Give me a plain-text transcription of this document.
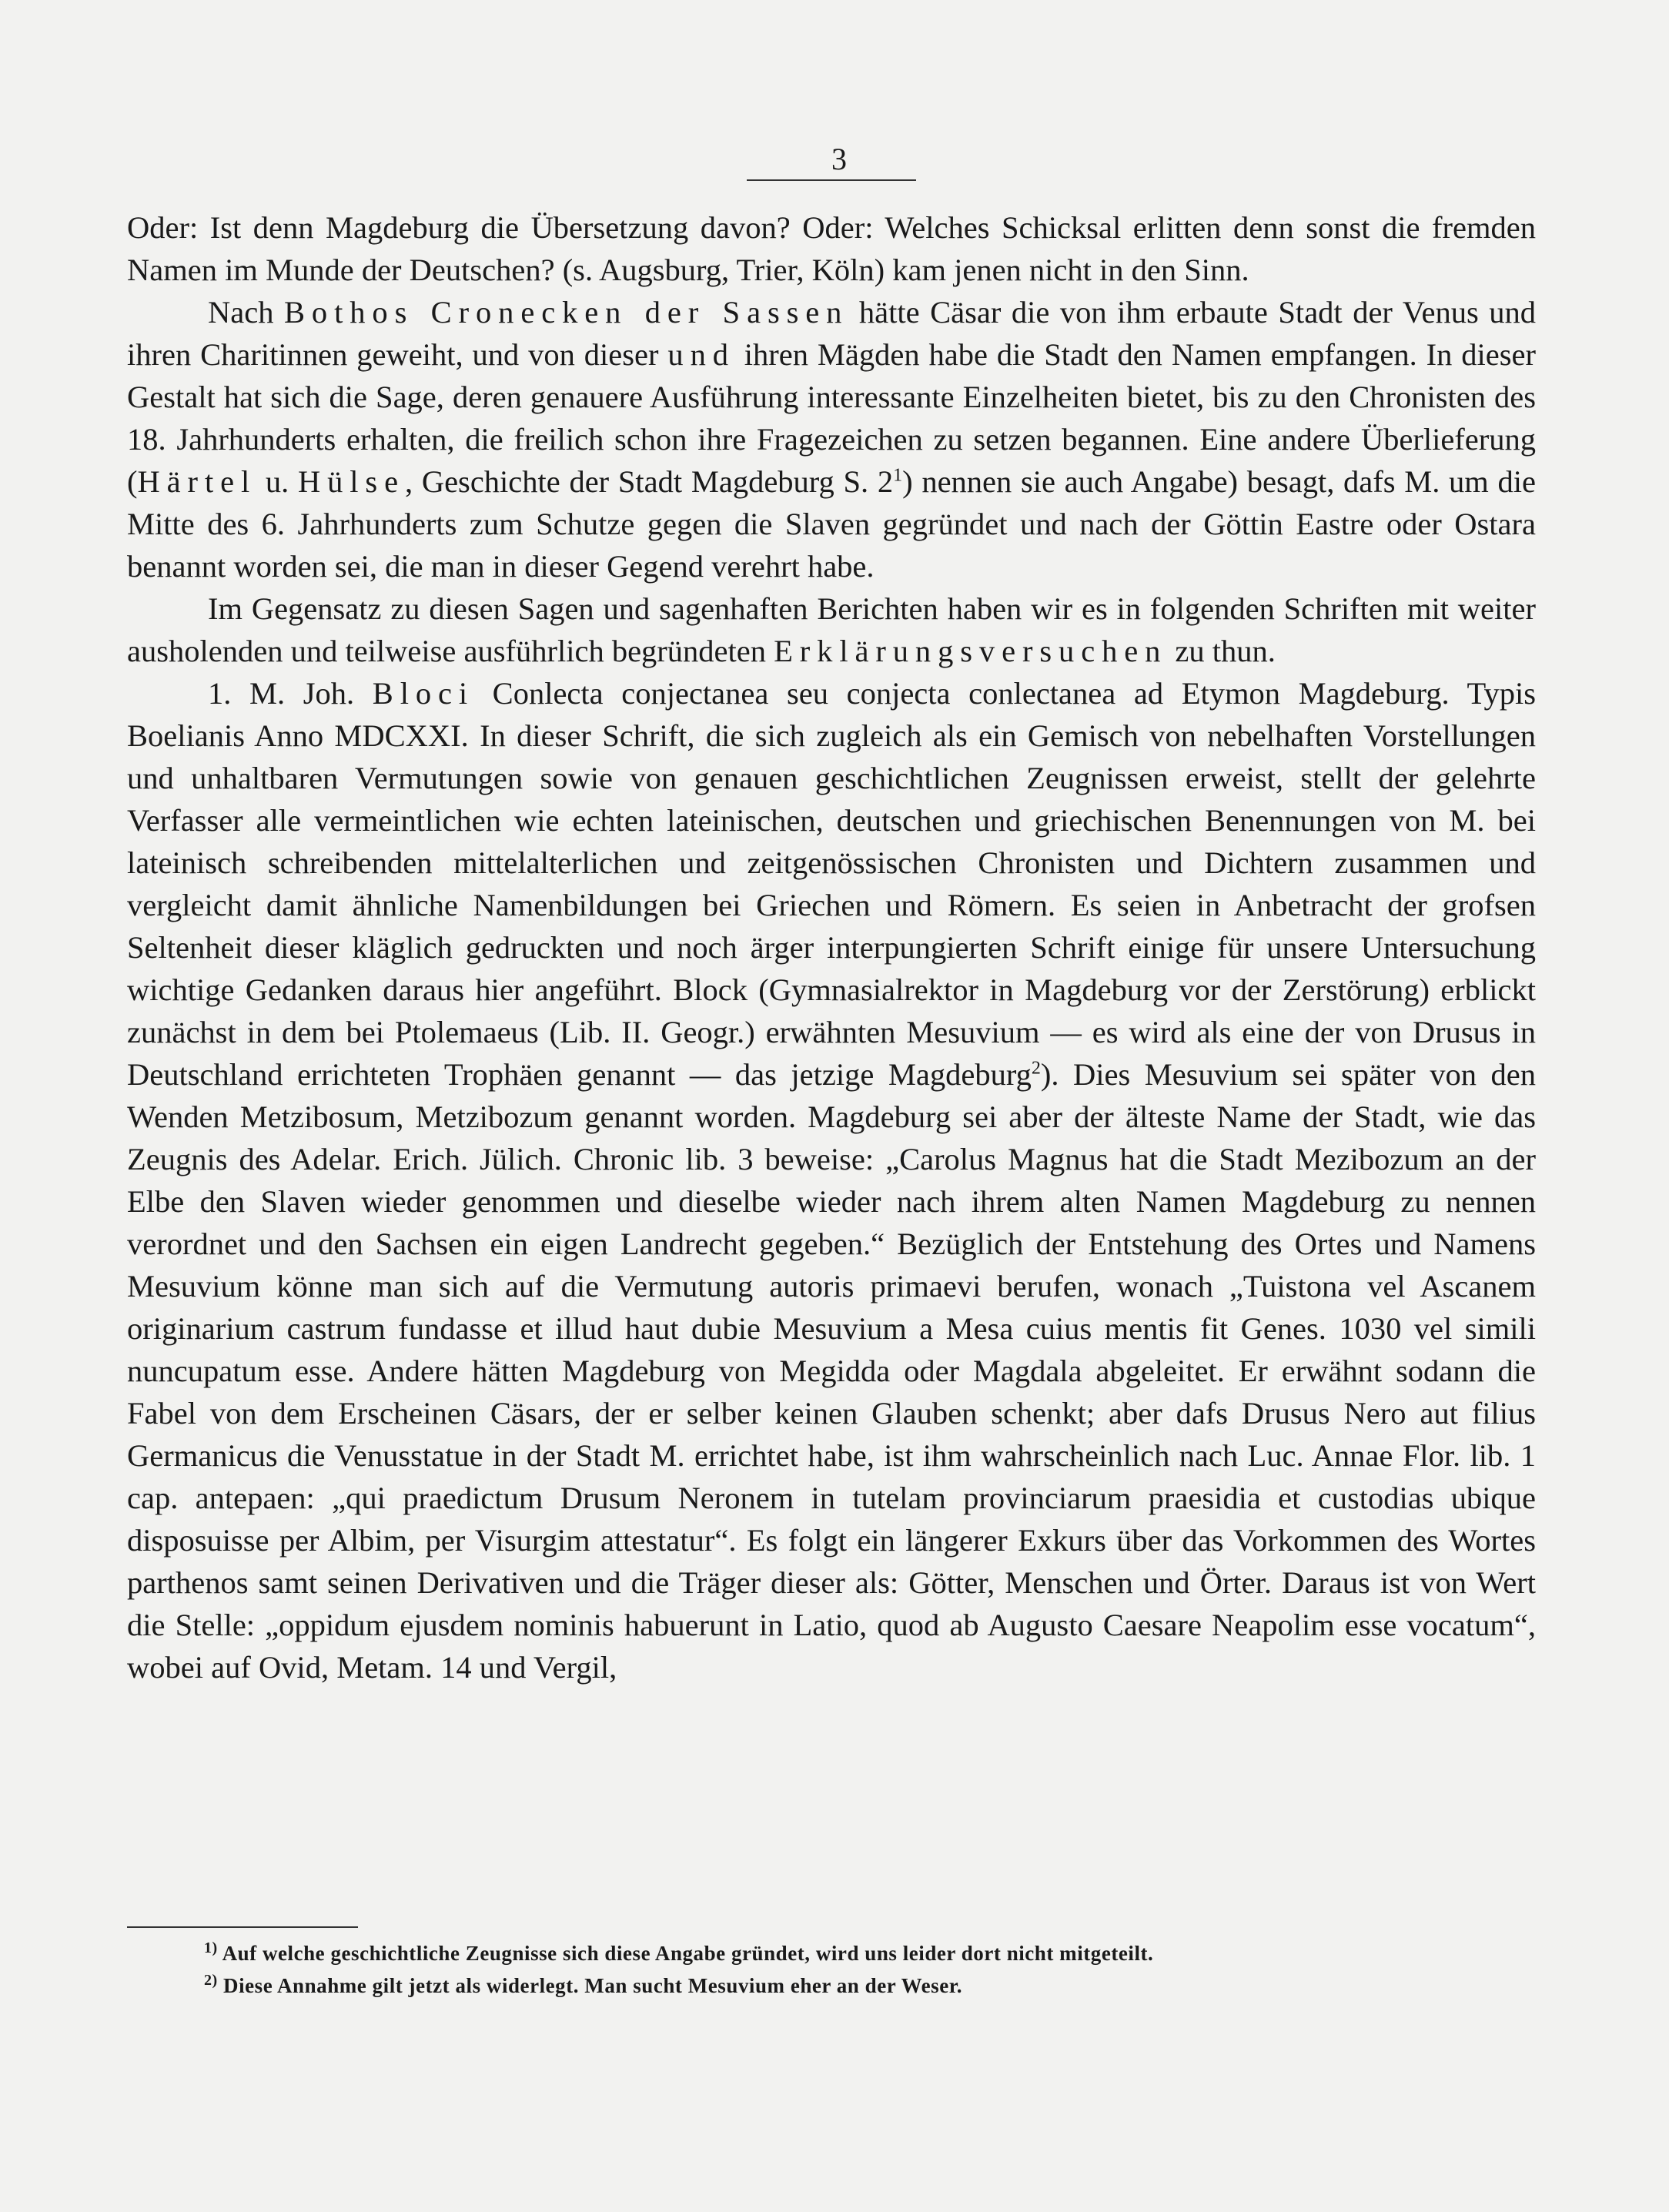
3

Oder: Ist denn Magdeburg die Übersetzung davon? Oder: Welches Schicksal erlitten denn sonst die fremden Namen im Munde der Deutschen? (s. Augsburg, Trier, Köln) kam jenen nicht in den Sinn.

Nach Bothos Cronecken der Sassen hätte Cäsar die von ihm erbaute Stadt der Venus und ihren Charitinnen geweiht, und von dieser und ihren Mägden habe die Stadt den Namen empfangen. In dieser Gestalt hat sich die Sage, deren genauere Ausführung interessante Einzelheiten bietet, bis zu den Chronisten des 18. Jahrhunderts erhalten, die freilich schon ihre Fragezeichen zu setzen begannen. Eine andere Überlieferung (Härtel u. Hülse, Geschichte der Stadt Magdeburg S. $2^1$) nennen sie auch Angabe) besagt, dafs M. um die Mitte des 6. Jahrhunderts zum Schutze gegen die Slaven gegründet und nach der Göttin Eastre oder Ostara benannt worden sei, die man in dieser Gegend verehrt habe.

Im Gegensatz zu diesen Sagen und sagenhaften Berichten haben wir es in folgenden Schriften mit weiter ausholenden und teilweise ausführlich begründeten Erklärungsversuchen zu thun.

1. M. Joh. Bloci Conlecta conjectanea seu conjecta conlectanea ad Etymon Magdeburg. Typis Boelianis Anno MDCXXI. In dieser Schrift, die sich zugleich als ein Gemisch von nebelhaften Vorstellungen und unhaltbaren Vermutungen sowie von genauen geschichtlichen Zeugnissen erweist, stellt der gelehrte Verfasser alle vermeintlichen wie echten lateinischen, deutschen und griechischen Benennungen von M. bei lateinisch schreibenden mittelalterlichen und zeitgenössischen Chronisten und Dichtern zusammen und vergleicht damit ähnliche Namenbildungen bei Griechen und Römern. Es seien in Anbetracht der grofsen Seltenheit dieser kläglich gedruckten und noch ärger interpungierten Schrift einige für unsere Untersuchung wichtige Gedanken daraus hier angeführt. Block (Gymnasialrektor in Magdeburg vor der Zerstörung) erblickt zunächst in dem bei Ptolemaeus (Lib. II. Geogr.) erwähnten Mesuvium — es wird als eine der von Drusus in Deutschland errichteten Trophäen genannt — das jetzige Magdeburg$^2$). Dies Mesuvium sei später von den Wenden Metzibosum, Metzibozum genannt worden. Magdeburg sei aber der älteste Name der Stadt, wie das Zeugnis des Adelar. Erich. Jülich. Chronic lib. 3 beweise: „Carolus Magnus hat die Stadt Mezibozum an der Elbe den Slaven wieder genommen und dieselbe wieder nach ihrem alten Namen Magdeburg zu nennen verordnet und den Sachsen ein eigen Landrecht gegeben.“ Bezüglich der Entstehung des Ortes und Namens Mesuvium könne man sich auf die Vermutung autoris primaevi berufen, wonach „Tuistona vel Ascanem originarium castrum fundasse et illud haut dubie Mesuvium a Mesa cuius mentis fit Genes. 1030 vel simili nuncupatum esse. Andere hätten Magdeburg von Megidda oder Magdala abgeleitet. Er erwähnt sodann die Fabel von dem Erscheinen Cäsars, der er selber keinen Glauben schenkt; aber dafs Drusus Nero aut filius Germanicus die Venusstatue in der Stadt M. errichtet habe, ist ihm wahrscheinlich nach Luc. Annae Flor. lib. 1 cap. antepaen: „qui praedictum Drusum Neronem in tutelam provinciarum praesidia et custodias ubique disposuisse per Albim, per Visurgim attestatur“. Es folgt ein längerer Exkurs über das Vorkommen des Wortes parthenos samt seinen Derivativen und die Träger dieser als: Götter, Menschen und Örter. Daraus ist von Wert die Stelle: „oppidum ejusdem nominis habuerunt in Latio, quod ab Augusto Caesare Neapolim esse vocatum“, wobei auf Ovid, Metam. 14 und Vergil,

$^{1)}$ Auf welche geschichtliche Zeugnisse sich diese Angabe gründet, wird uns leider dort nicht mitgeteilt.

$^{2)}$ Diese Annahme gilt jetzt als widerlegt. Man sucht Mesuvium eher an der Weser.
